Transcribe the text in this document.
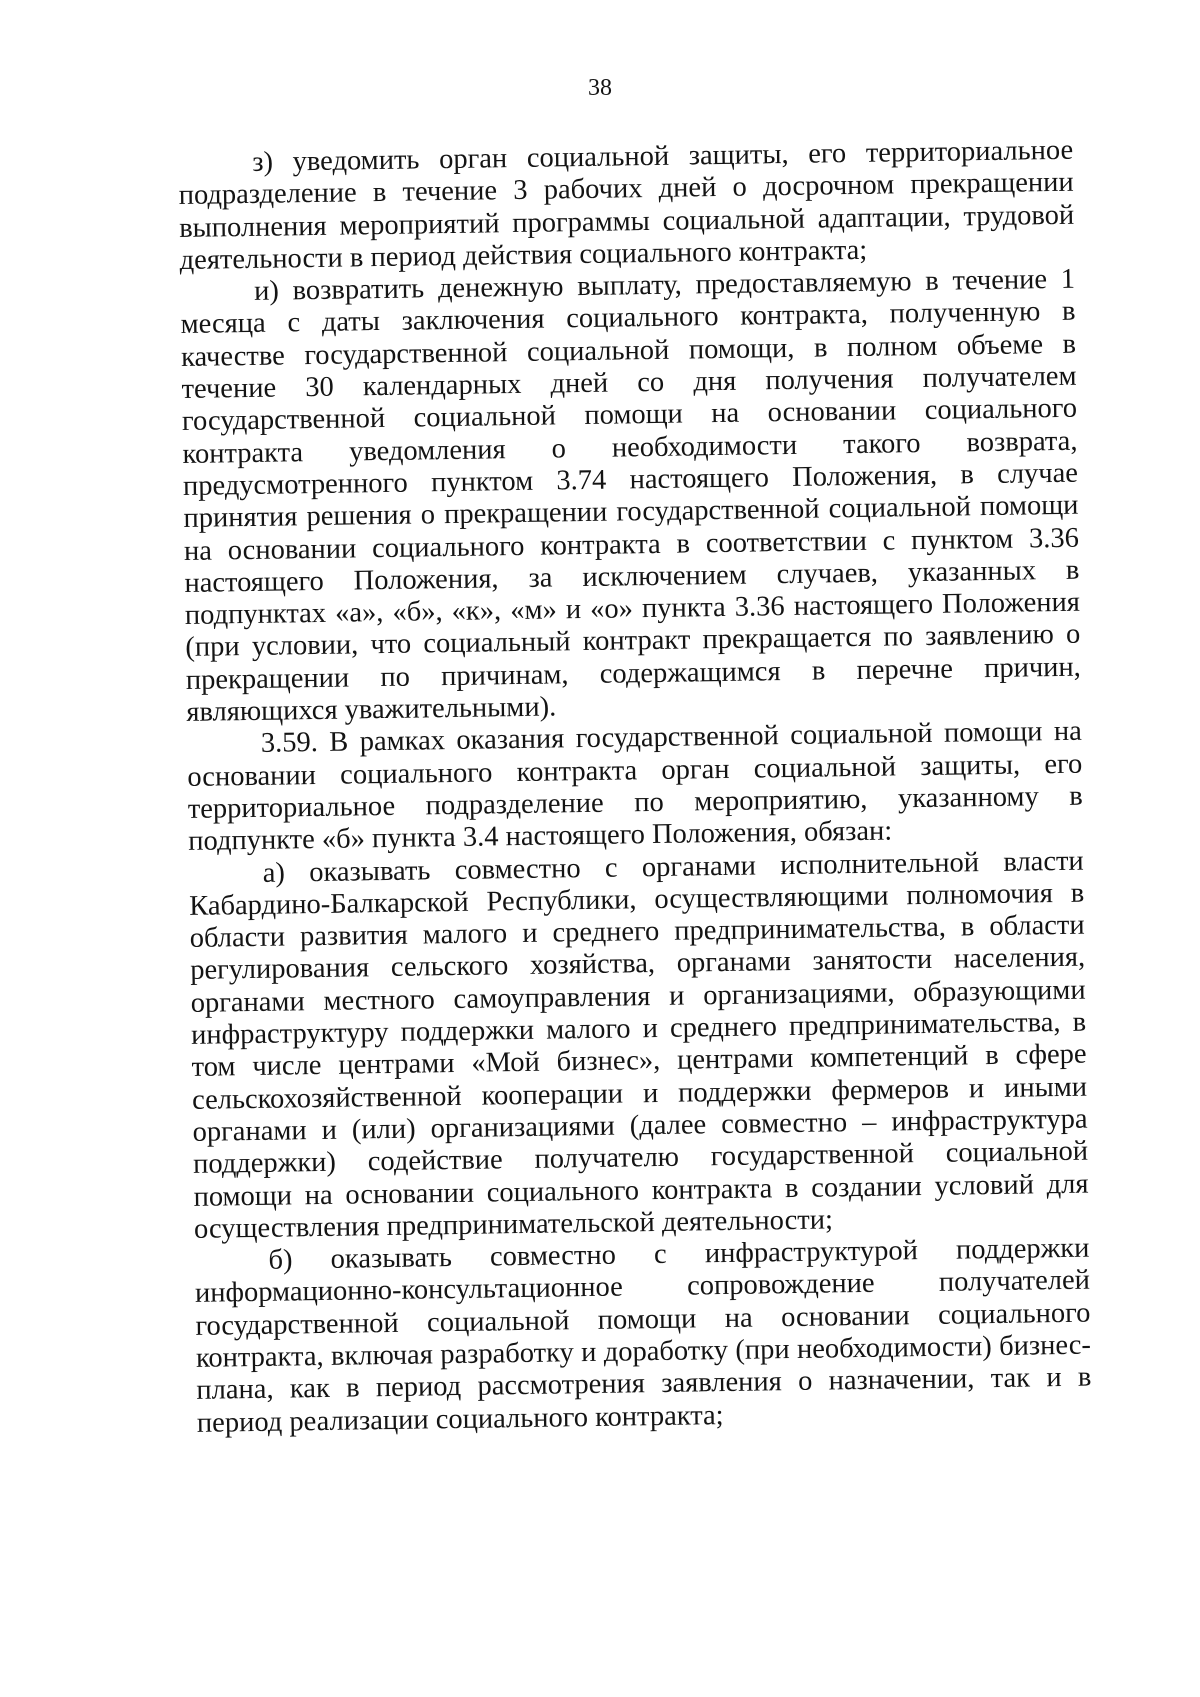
38

з) уведомить орган социальной защиты, его территориальное подразделение в течение 3 рабочих дней о досрочном прекращении выполнения мероприятий программы социальной адаптации, трудовой деятельности в период действия социального контракта;

и) возвратить денежную выплату, предоставляемую в течение 1 месяца с даты заключения социального контракта, полученную в качестве государственной социальной помощи, в полном объеме в течение 30 календарных дней со дня получения получателем государственной социальной помощи на основании социального контракта уведомления о необходимости такого возврата, предусмотренного пунктом 3.74 настоящего Положения, в случае принятия решения о прекращении государственной социальной помощи на основании социального контракта в соответствии с пунктом 3.36 настоящего Положения, за исключением случаев, указанных в подпунктах «а», «б», «к», «м» и «о» пункта 3.36 настоящего Положения (при условии, что социальный контракт прекращается по заявлению о прекращении по причинам, содержащимся в перечне причин, являющихся уважительными).

3.59. В рамках оказания государственной социальной помощи на основании социального контракта орган социальной защиты, его территориальное подразделение по мероприятию, указанному в подпункте «б» пункта 3.4 настоящего Положения, обязан:

а) оказывать совместно с органами исполнительной власти Кабардино-Балкарской Республики, осуществляющими полномочия в области развития малого и среднего предпринимательства, в области регулирования сельского хозяйства, органами занятости населения, органами местного самоуправления и организациями, образующими инфраструктуру поддержки малого и среднего предпринимательства, в том числе центрами «Мой бизнес», центрами компетенций в сфере сельскохозяйственной кооперации и поддержки фермеров и иными органами и (или) организациями (далее совместно – инфраструктура поддержки) содействие получателю государственной социальной помощи на основании социального контракта в создании условий для осуществления предпринимательской деятельности;

б) оказывать совместно с инфраструктурой поддержки информационно-консультационное сопровождение получателей государственной социальной помощи на основании социального контракта, включая разработку и доработку (при необходимости) бизнес-плана, как в период рассмотрения заявления о назначении, так и в период реализации социального контракта;
